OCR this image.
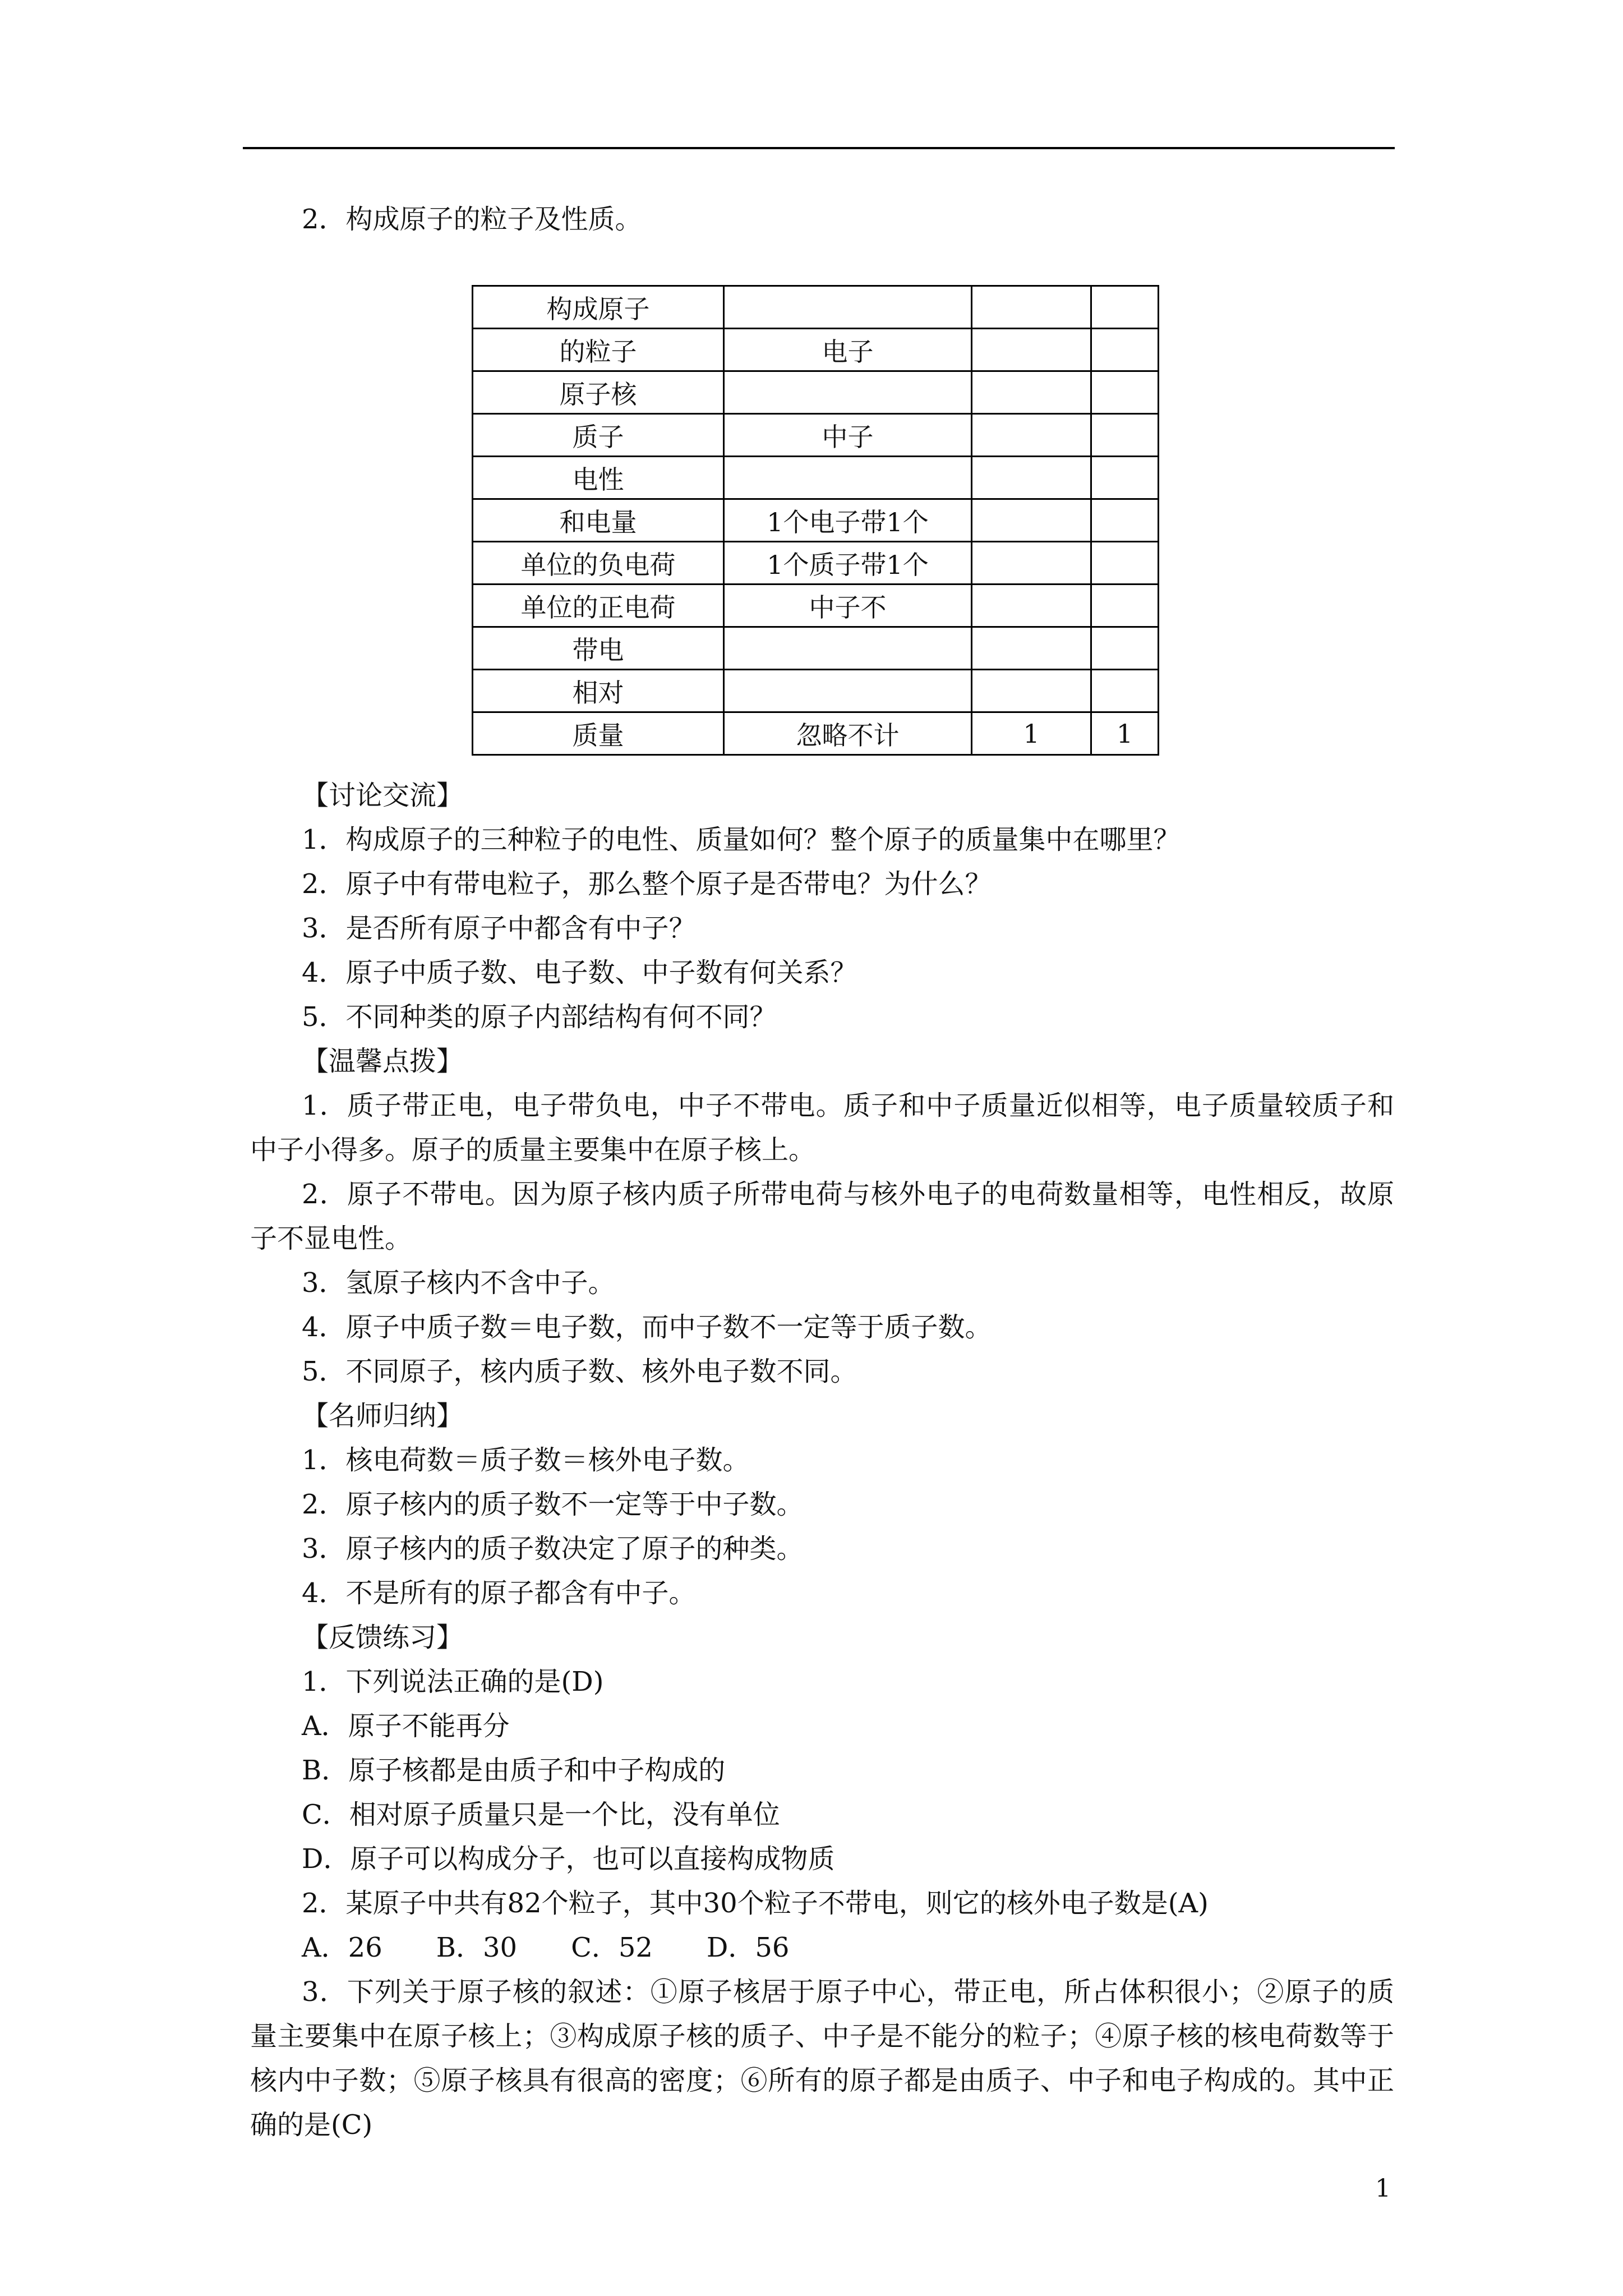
2．构成原子的粒子及性质。
构成原子			
的粒子	电子		
原子核			
质子	中子		
电性			
和电量	1个电子带1个		
单位的负电荷	1个质子带1个		
单位的正电荷	中子不		
带电			
相对			
质量	忽略不计	1	1
【讨论交流】
1．构成原子的三种粒子的电性、质量如何？整个原子的质量集中在哪里？
2．原子中有带电粒子，那么整个原子是否带电？为什么？
3．是否所有原子中都含有中子？
4．原子中质子数、电子数、中子数有何关系？
5．不同种类的原子内部结构有何不同？
【温馨点拨】
1．质子带正电，电子带负电，中子不带电。质子和中子质量近似相等，电子质量较质子和中子小得多。原子的质量主要集中在原子核上。
2．原子不带电。因为原子核内质子所带电荷与核外电子的电荷数量相等，电性相反，故原子不显电性。
3．氢原子核内不含中子。
4．原子中质子数＝电子数，而中子数不一定等于质子数。
5．不同原子，核内质子数、核外电子数不同。
【名师归纳】
1．核电荷数＝质子数＝核外电子数。
2．原子核内的质子数不一定等于中子数。
3．原子核内的质子数决定了原子的种类。
4．不是所有的原子都含有中子。
【反馈练习】
1．下列说法正确的是(D)
A．原子不能再分
B．原子核都是由质子和中子构成的
C．相对原子质量只是一个比，没有单位
D．原子可以构成分子，也可以直接构成物质
2．某原子中共有82个粒子，其中30个粒子不带电，则它的核外电子数是(A)
A．26　　B．30　　C．52　　D．56
3．下列关于原子核的叙述：①原子核居于原子中心，带正电，所占体积很小；②原子的质量主要集中在原子核上；③构成原子核的质子、中子是不能分的粒子；④原子核的核电荷数等于核内中子数；⑤原子核具有很高的密度；⑥所有的原子都是由质子、中子和电子构成的。其中正确的是(C)
1
